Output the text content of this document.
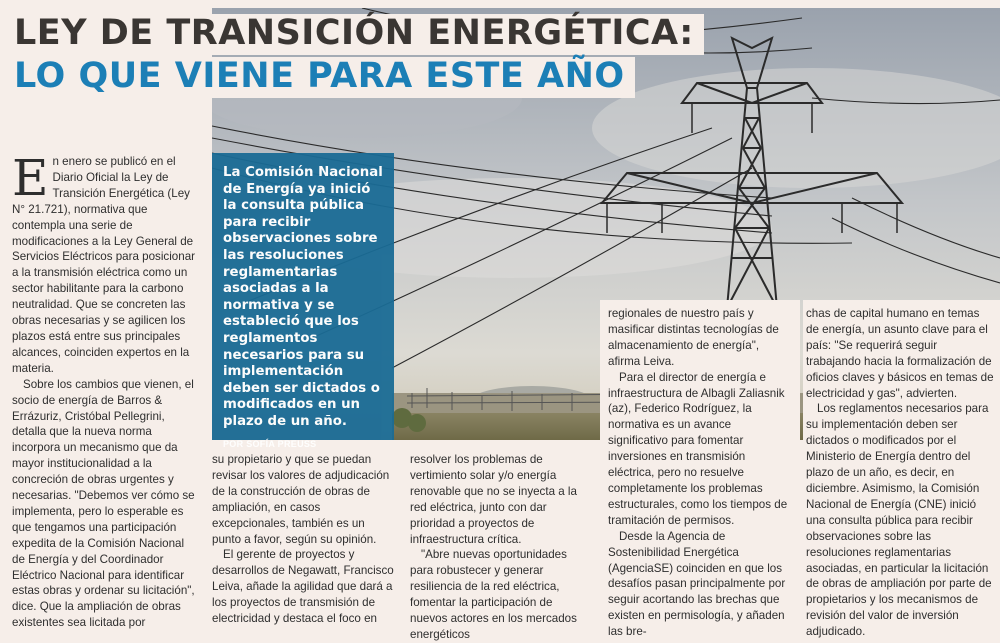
LEY DE TRANSICIÓN ENERGÉTICA:
LO QUE VIENE PARA ESTE AÑO
La Comisión Nacional de Energía ya inició la consulta pública para recibir observaciones sobre las resoluciones reglamentarias asociadas a la normativa y se estableció que los reglamentos necesarios para su implementación deben ser dictados o modificados en un plazo de un año.
POR SOFÍA PREUSS

En enero se publicó en el Diario Oficial la Ley de Transición Energética (Ley N° 21.721), normativa que contempla una serie de modificaciones a la Ley General de Servicios Eléctricos para posicionar a la transmisión eléctrica como un sector habilitante para la carbono neutralidad. Que se concreten las obras necesarias y se agilicen los plazos está entre sus principales alcances, coinciden expertos en la materia.

Sobre los cambios que vienen, el socio de energía de Barros & Errázuriz, Cristóbal Pellegrini, detalla que la nueva norma incorpora un mecanismo que da mayor institucionalidad a la concreción de obras urgentes y necesarias. "Debemos ver cómo se implementa, pero lo esperable es que tengamos una participación expedita de la Comisión Nacional de Energía y del Coordinador Eléctrico Nacional para identificar estas obras y ordenar su licitación", dice. Que la ampliación de obras existentes sea licitada por

su propietario y que se puedan revisar los valores de adjudicación de la construcción de obras de ampliación, en casos excepcionales, también es un punto a favor, según su opinión.

El gerente de proyectos y desarrollos de Negawatt, Francisco Leiva, añade la agilidad que dará a los proyectos de transmisión de electricidad y destaca el foco en

resolver los problemas de vertimiento solar y/o energía renovable que no se inyecta a la red eléctrica, junto con dar prioridad a proyectos de infraestructura crítica.

"Abre nuevas oportunidades para robustecer y generar resiliencia de la red eléctrica, fomentar la participación de nuevos actores en los mercados energéticos

regionales de nuestro país y masificar distintas tecnologías de almacenamiento de energía", afirma Leiva.

Para el director de energía e infraestructura de Albagli Zaliasnik (az), Federico Rodríguez, la normativa es un avance significativo para fomentar inversiones en transmisión eléctrica, pero no resuelve completamente los problemas estructurales, como los tiempos de tramitación de permisos.

Desde la Agencia de Sostenibilidad Energética (AgenciaSE) coinciden en que los desafíos pasan principalmente por seguir acortando las brechas que existen en permisología, y añaden las bre-

chas de capital humano en temas de energía, un asunto clave para el país: "Se requerirá seguir trabajando hacia la formalización de oficios claves y básicos en temas de electricidad y gas", advierten.

Los reglamentos necesarios para su implementación deben ser dictados o modificados por el Ministerio de Energía dentro del plazo de un año, es decir, en diciembre. Asimismo, la Comisión Nacional de Energía (CNE) inició una consulta pública para recibir observaciones sobre las resoluciones reglamentarias asociadas, en particular la licitación de obras de ampliación por parte de propietarios y los mecanismos de revisión del valor de inversión adjudicado.
